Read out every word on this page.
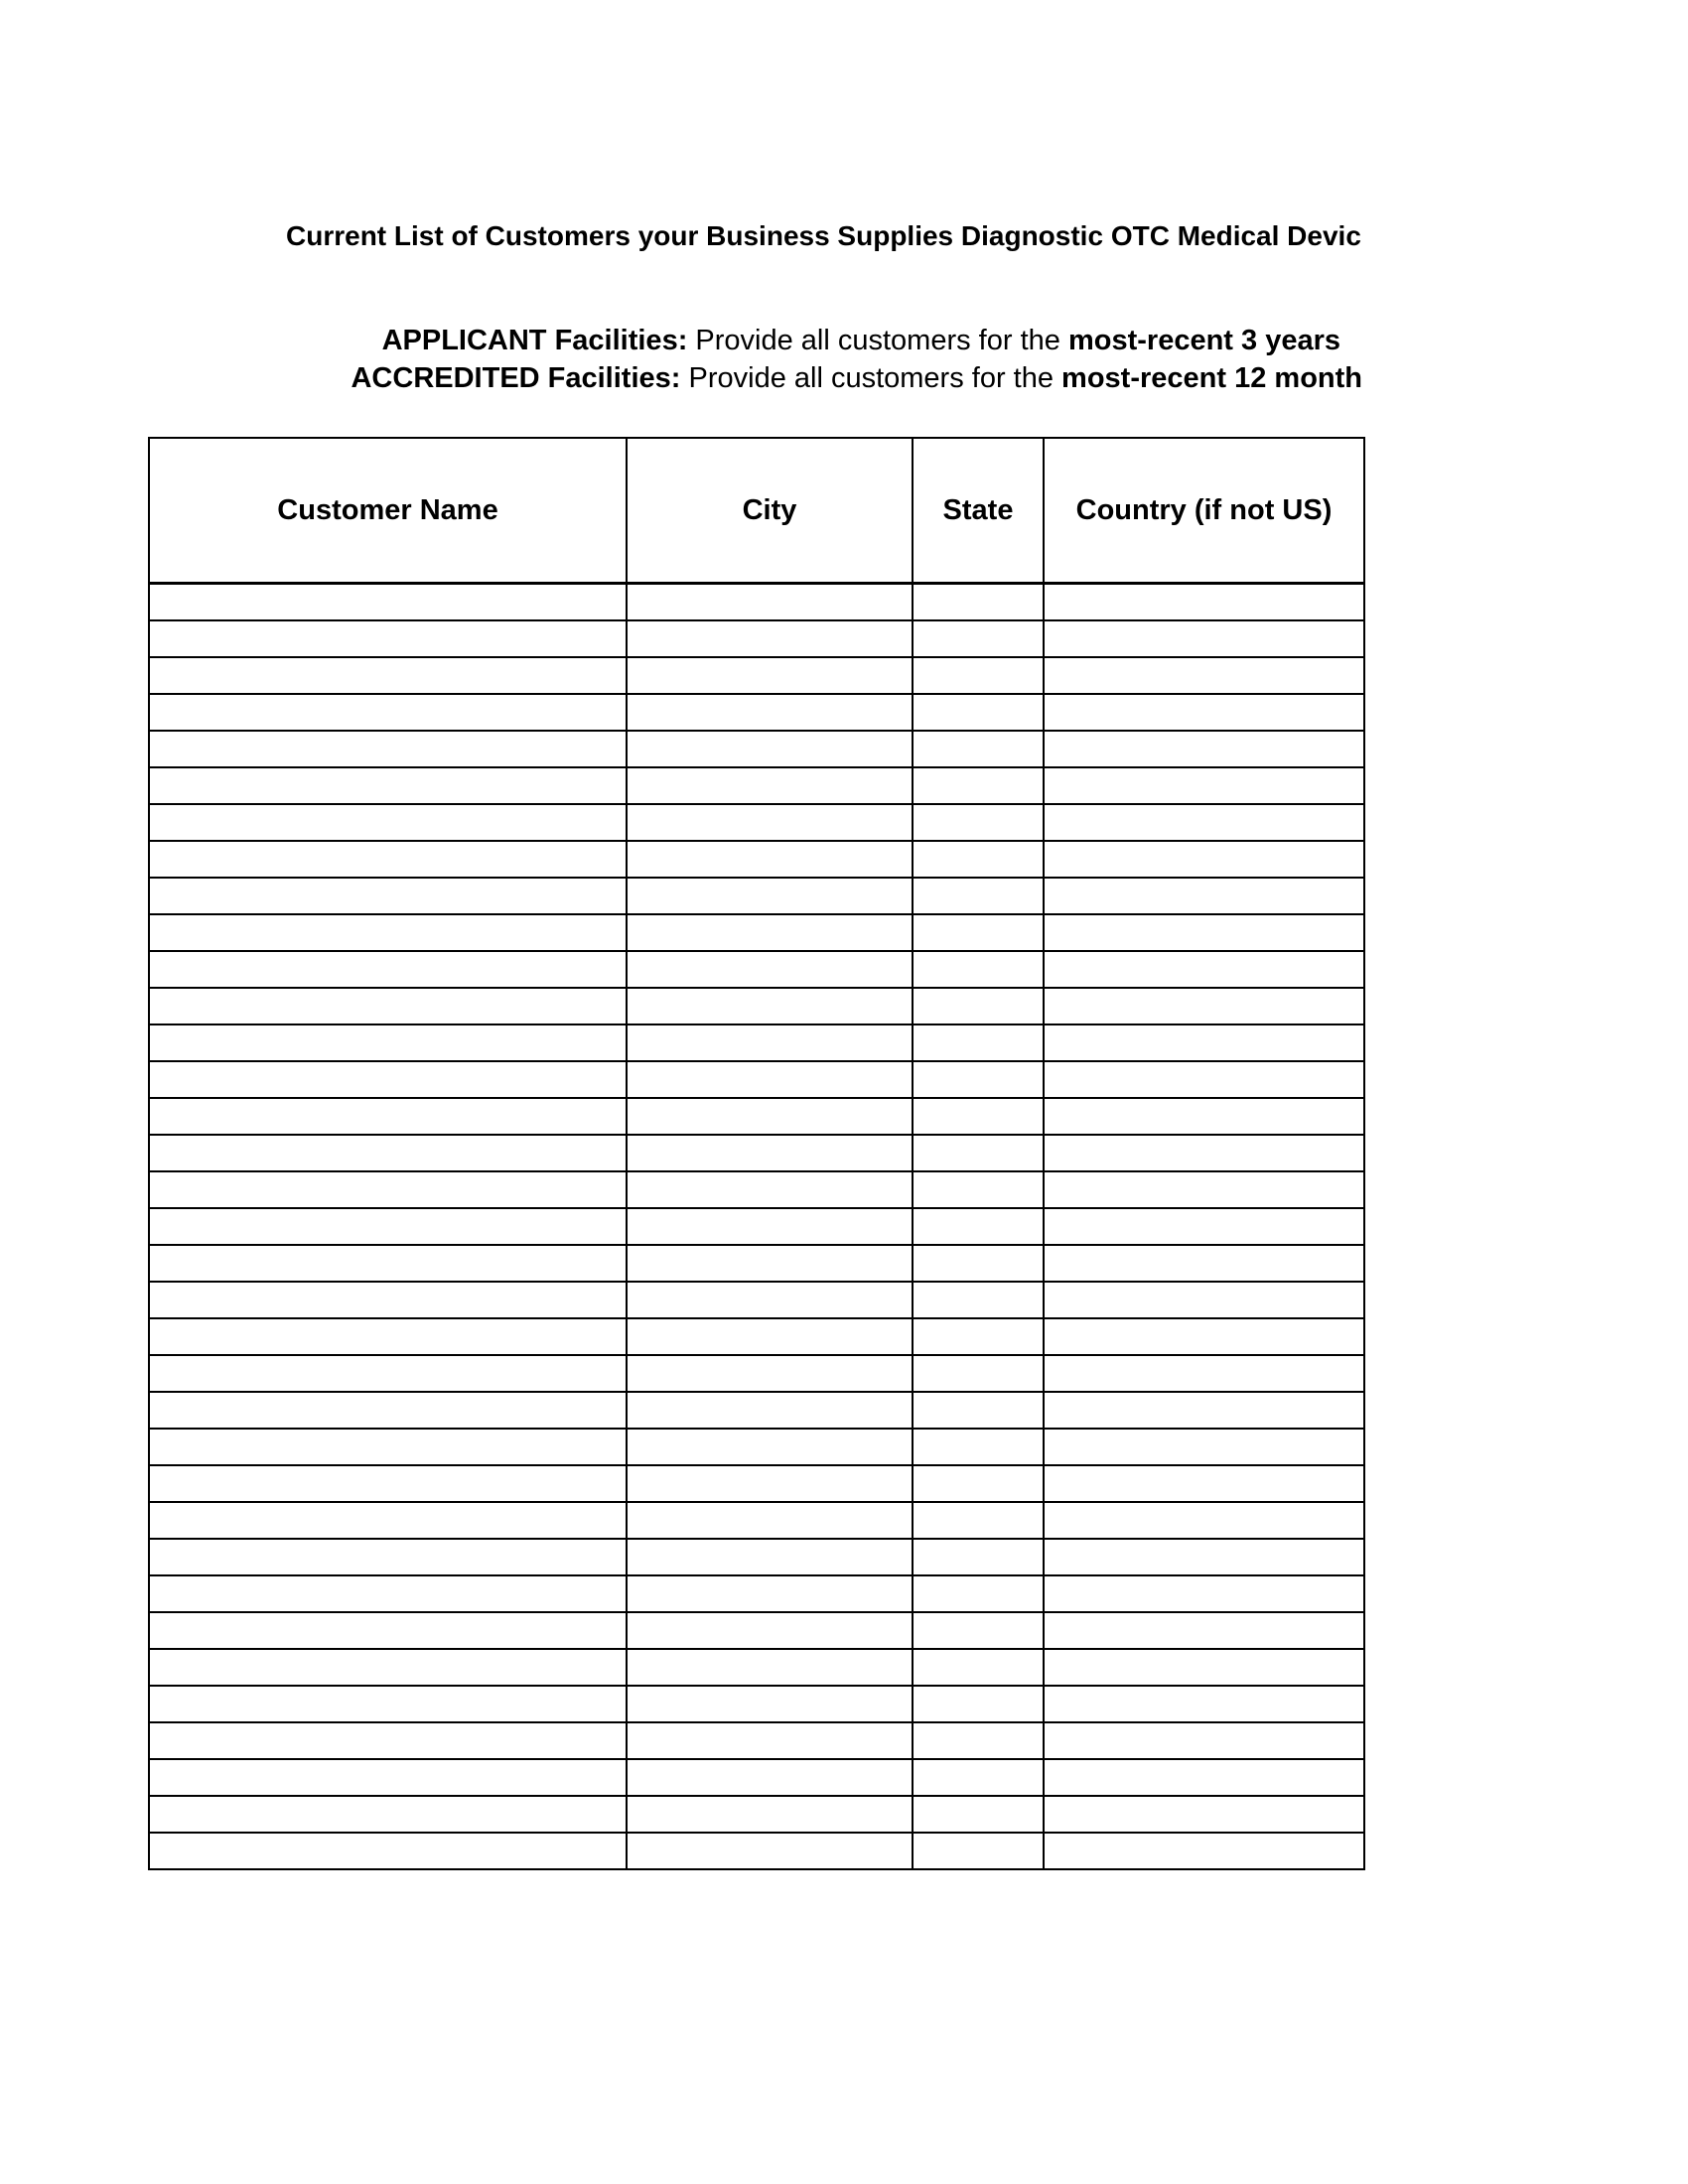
Current List of Customers your Business Supplies Diagnostic OTC Medical Devic
APPLICANT Facilities: Provide all customers for the most-recent 3 years
ACCREDITED Facilities: Provide all customers for the most-recent 12 month
Customer Name	City	State	Country (if not US)
